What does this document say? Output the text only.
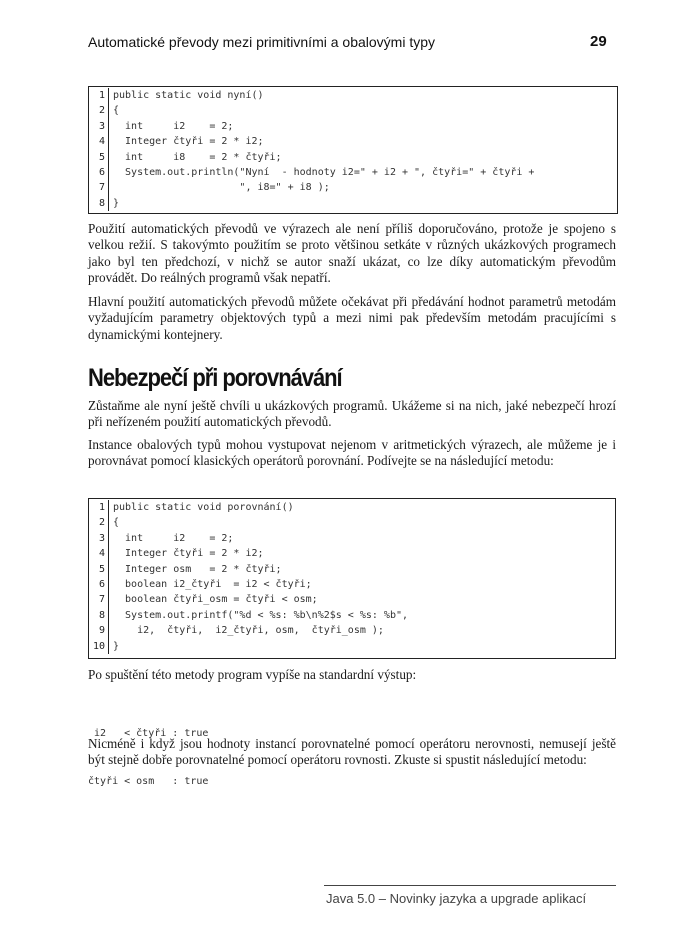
Automatické převody mezi primitivními a obalovými typy	29
1 public static void nyní()
2 {
3 int     i2    = 2;
4 Integer čtyři = 2 * i2;
5 int     i8    = 2 * čtyři;
6 System.out.println("Nyní  - hodnoty i2=" + i2 + ", čtyři=" + čtyři +
7 ", i8=" + i8 );
8 }

Použití automatických převodů ve výrazech ale není příliš doporučováno, protože je spojeno s velkou režií. S takovýmto použitím se proto většinou setkáte v různých ukázkových programech jako byl ten předchozí, v nichž se autor snaží ukázat, co lze díky automatickým převodům provádět. Do reálných programů však nepatří.

Hlavní použití automatických převodů můžete očekávat při předávání hodnot parametrů metodám vyžadujícím parametry objektových typů a mezi nimi pak především metodám pracujícími s dynamickými kontejnery.

Nebezpečí při porovnávání

Zůstaňme ale nyní ještě chvíli u ukázkových programů. Ukážeme si na nich, jaké nebezpečí hrozí při neřízeném použití automatických převodů.

Instance obalových typů mohou vystupovat nejenom v aritmetických výrazech, ale můžeme je i porovnávat pomocí klasických operátorů porovnání. Podívejte se na následující metodu:

1 public static void porovnání()
2 {
3 int     i2    = 2;
4 Integer čtyři = 2 * i2;
5 Integer osm   = 2 * čtyři;
6 boolean i2_čtyři  = i2 < čtyři;
7 boolean čtyři_osm = čtyři < osm;
8 System.out.printf("%d < %s: %b\n%2$s < %s: %b",
9 i2,  čtyři,  i2_čtyři, osm,  čtyři_osm );
10 }

Po spuštění této metody program vypíše na standardní výstup:

i2   < čtyři : true

čtyři < osm   : true

Nicméně i když jsou hodnoty instancí porovnatelné pomocí operátoru nerovnosti, nemusejí ještě být stejně dobře porovnatelné pomocí operátoru rovnosti. Zkuste si spustit následující metodu:

Java 5.0 – Novinky jazyka a upgrade aplikací
